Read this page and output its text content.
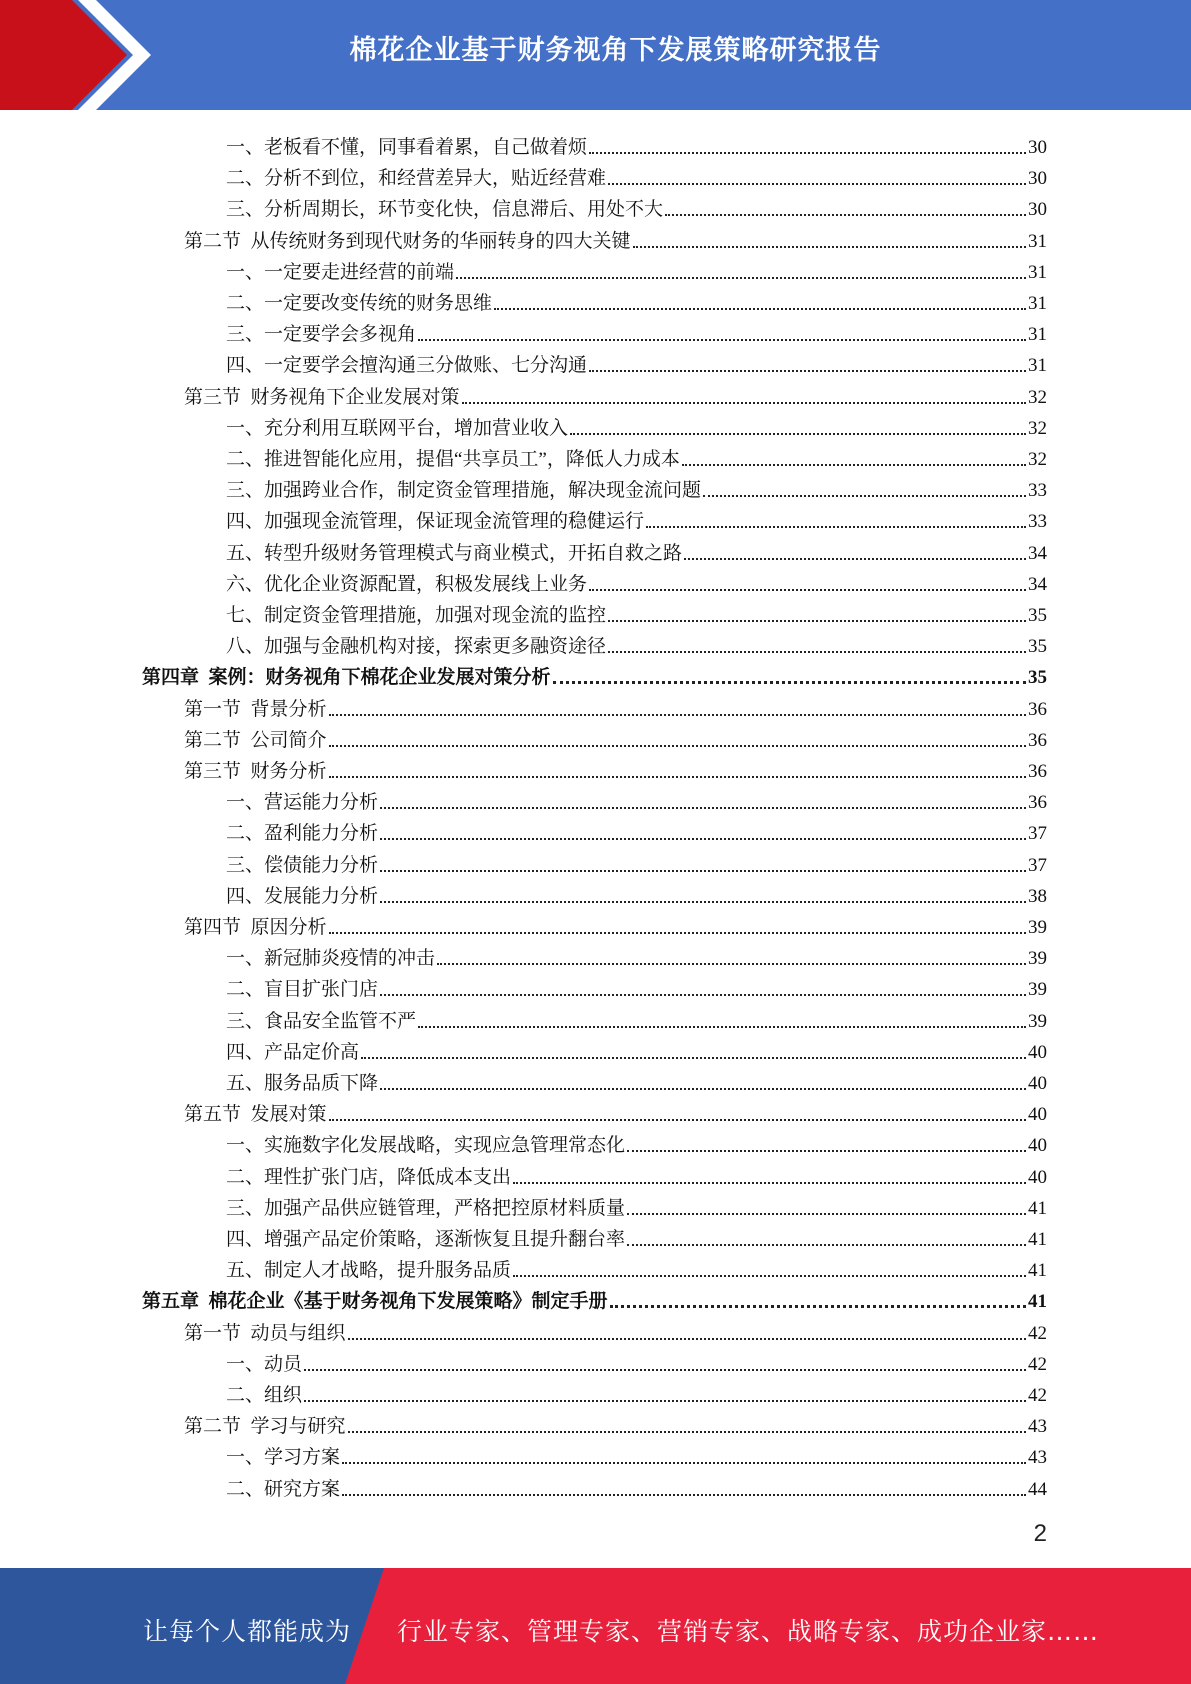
棉花企业基于财务视角下发展策略研究报告
一、老板看不懂，同事看着累，自己做着烦	30
二、分析不到位，和经营差异大，贴近经营难	30
三、分析周期长，环节变化快，信息滞后、用处不大	30
第二节  从传统财务到现代财务的华丽转身的四大关键	31
一、一定要走进经营的前端	31
二、一定要改变传统的财务思维	31
三、一定要学会多视角	31
四、一定要学会擅沟通三分做账、七分沟通	31
第三节  财务视角下企业发展对策	32
一、充分利用互联网平台，增加营业收入	32
二、推进智能化应用，提倡“共享员工”，降低人力成本	32
三、加强跨业合作，制定资金管理措施，解决现金流问题	33
四、加强现金流管理，保证现金流管理的稳健运行	33
五、转型升级财务管理模式与商业模式，开拓自救之路	34
六、优化企业资源配置，积极发展线上业务	34
七、制定资金管理措施，加强对现金流的监控	35
八、加强与金融机构对接，探索更多融资途径	35
第四章  案例：财务视角下棉花企业发展对策分析	35
第一节  背景分析	36
第二节  公司简介	36
第三节  财务分析	36
一、营运能力分析	36
二、盈利能力分析	37
三、偿债能力分析	37
四、发展能力分析	38
第四节  原因分析	39
一、新冠肺炎疫情的冲击	39
二、盲目扩张门店	39
三、食品安全监管不严	39
四、产品定价高	40
五、服务品质下降	40
第五节  发展对策	40
一、实施数字化发展战略，实现应急管理常态化	40
二、理性扩张门店，降低成本支出	40
三、加强产品供应链管理，严格把控原材料质量	41
四、增强产品定价策略，逐渐恢复且提升翻台率	41
五、制定人才战略，提升服务品质	41
第五章  棉花企业《基于财务视角下发展策略》制定手册	41
第一节  动员与组织	42
一、动员	42
二、组织	42
第二节  学习与研究	43
一、学习方案	43
二、研究方案	44
2
让每个人都能成为 行业专家、管理专家、营销专家、战略专家、成功企业家……
